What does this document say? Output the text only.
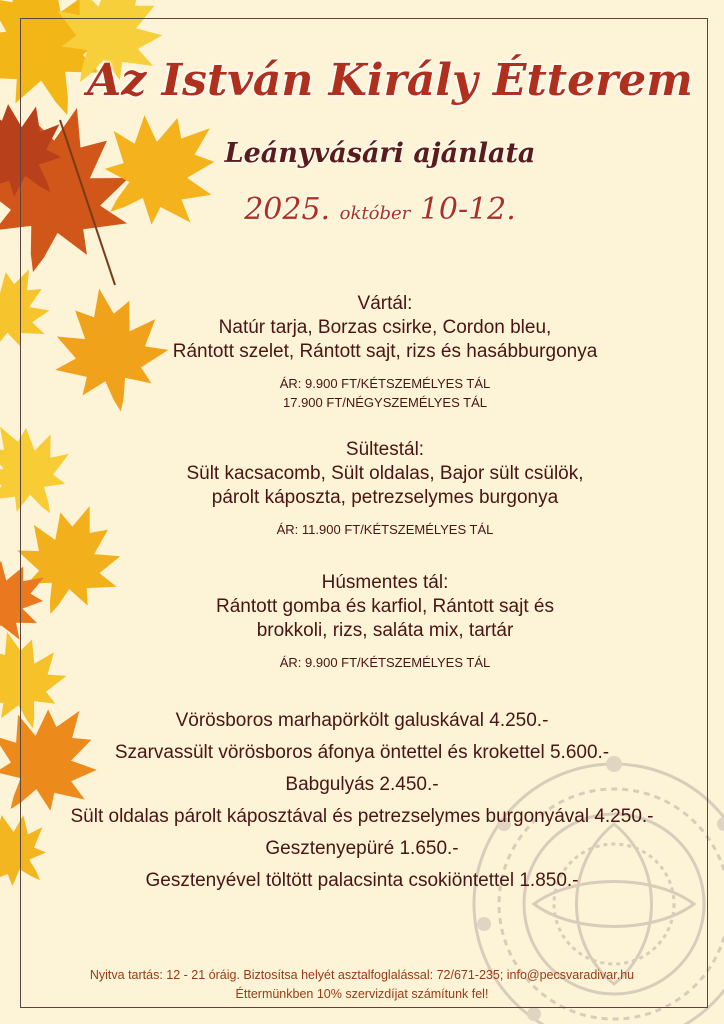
Az István Király Étterem
Leányvásári ajánlata
2025. október 10-12.
Vártál:
Natúr tarja, Borzas csirke, Cordon bleu,
Rántott szelet, Rántott sajt, rizs és hasábburgonya
ÁR: 9.900 FT/KÉTSZEMÉLYES TÁL
17.900 FT/NÉGYSZEMÉLYES TÁL
Sültestál:
Sült kacsacomb, Sült oldalas, Bajor sült csülök,
párolt káposzta, petrezselymes burgonya
ÁR: 11.900 FT/KÉTSZEMÉLYES TÁL
Húsmentes tál:
Rántott gomba és karfiol, Rántott sajt és
brokkoli, rizs, saláta mix, tartár
ÁR: 9.900 FT/KÉTSZEMÉLYES TÁL
Vörösboros marhapörkölt galuskával 4.250.-
Szarvassült vörösboros áfonya öntettel és krokettel 5.600.-
Babgulyás 2.450.-
Sült oldalas párolt káposztával és petrezselymes burgonyával 4.250.-
Gesztenyepüré 1.650.-
Gesztenyével töltött palacsinta csokiöntettel 1.850.-
Nyitva tartás: 12 - 21 óráig. Biztosítsa helyét asztalfoglalással: 72/671-235; info@pecsvaradivar.hu
Éttermünkben 10% szervizdíjat számítunk fel!
